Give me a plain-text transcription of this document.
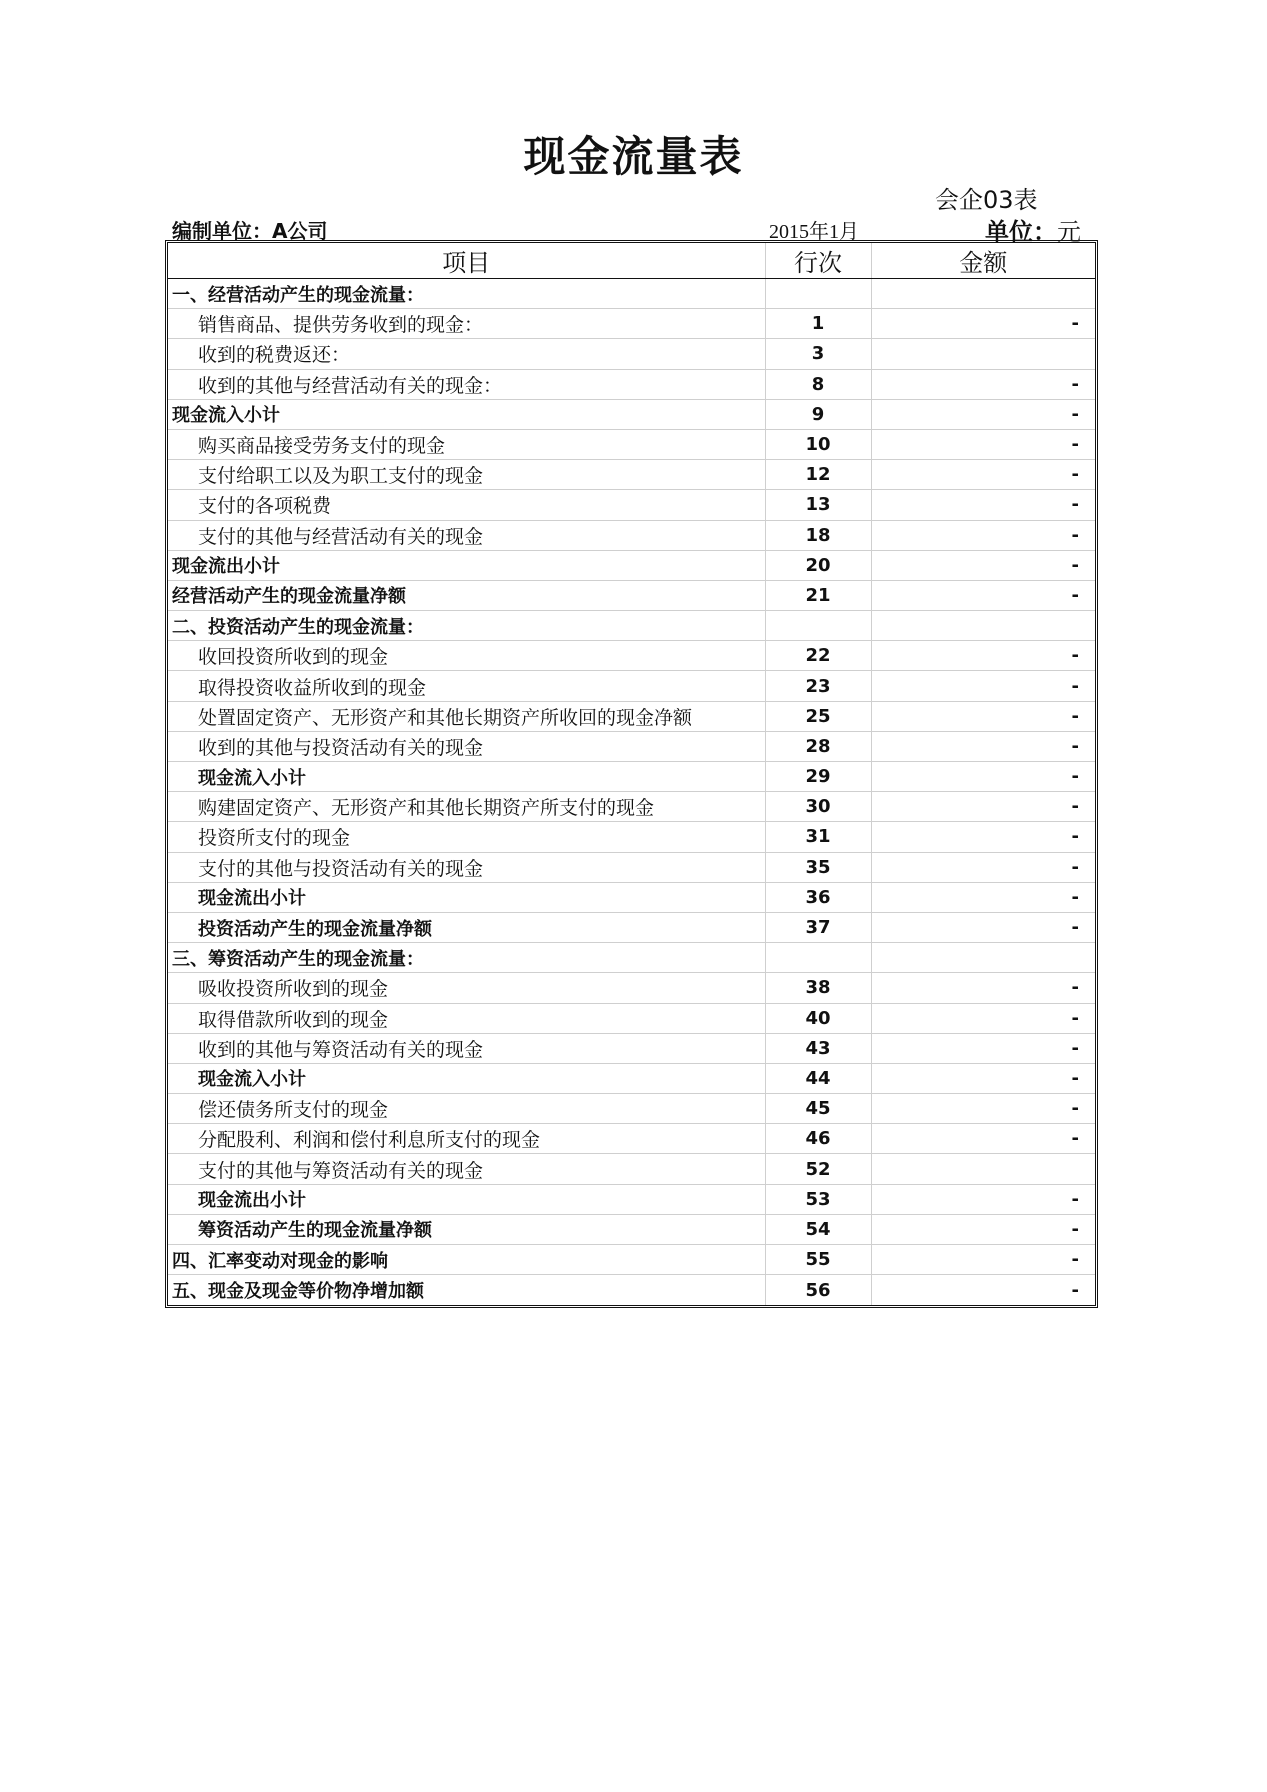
现金流量表
会企03表
编制单位：A公司	2015年1月	单位：元
项目	行次	金额
一、经营活动产生的现金流量：		
销售商品、提供劳务收到的现金：	1	-
收到的税费返还：	3	
收到的其他与经营活动有关的现金：	8	-
现金流入小计	9	-
购买商品接受劳务支付的现金	10	-
支付给职工以及为职工支付的现金	12	-
支付的各项税费	13	-
支付的其他与经营活动有关的现金	18	-
现金流出小计	20	-
经营活动产生的现金流量净额	21	-
二、投资活动产生的现金流量：		
收回投资所收到的现金	22	-
取得投资收益所收到的现金	23	-
处置固定资产、无形资产和其他长期资产所收回的现金净额	25	-
收到的其他与投资活动有关的现金	28	-
现金流入小计	29	-
购建固定资产、无形资产和其他长期资产所支付的现金	30	-
投资所支付的现金	31	-
支付的其他与投资活动有关的现金	35	-
现金流出小计	36	-
投资活动产生的现金流量净额	37	-
三、筹资活动产生的现金流量：		
吸收投资所收到的现金	38	-
取得借款所收到的现金	40	-
收到的其他与筹资活动有关的现金	43	-
现金流入小计	44	-
偿还债务所支付的现金	45	-
分配股利、利润和偿付利息所支付的现金	46	-
支付的其他与筹资活动有关的现金	52	
现金流出小计	53	-
筹资活动产生的现金流量净额	54	-
四、汇率变动对现金的影响	55	-
五、现金及现金等价物净增加额	56	-
